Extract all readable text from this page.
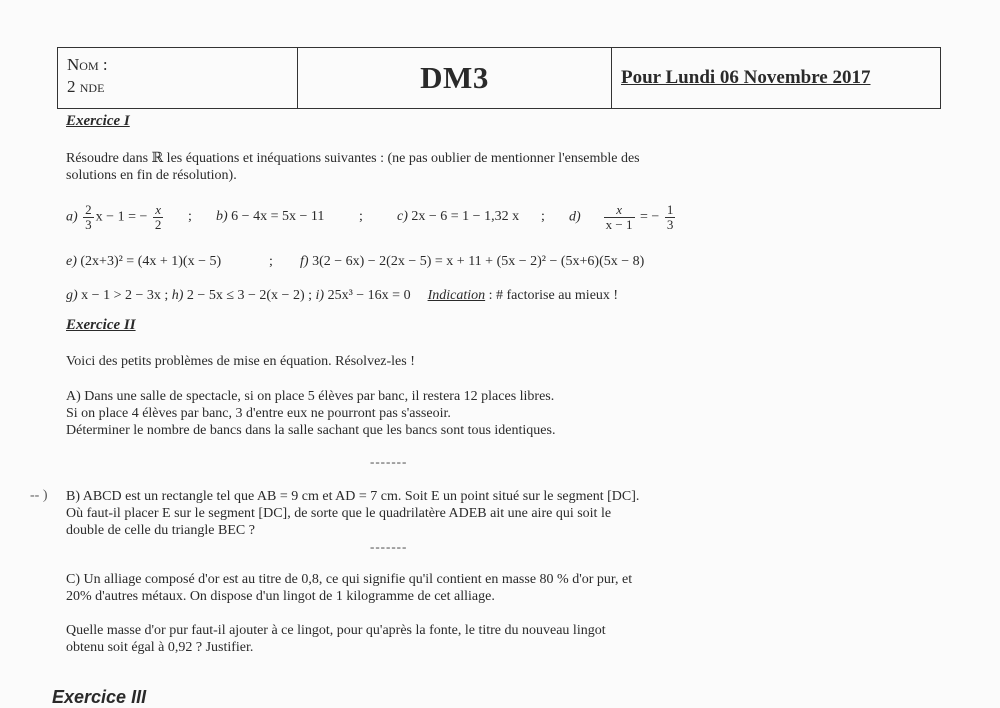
Nom :
2 nde	DM3	Pour Lundi 06 Novembre 2017
Exercice I
Résoudre dans ℝ les équations et inéquations suivantes : (ne pas oublier de mentionner l'ensemble des
solutions en fin de résolution).
$a) \frac{2}{3}$ x − 1 = − $\frac{x}{2}$ ; b) 6 − 4x = 5x − 11 ; c) 2x − 6 = 1 − 1,32 x ; $d) \frac{x}{x - 1}$ = − $\frac{1}{3}$
e) (2x+3)² = (4x + 1)(x − 5)	; f) 3(2 − 6x) − 2(2x − 5) = x + 11 + (5x − 2)² − (5x+6)(5x − 8)
g) x − 1 > 2 − 3x ; h) 2 − 5x ≤ 3 − 2(x − 2) ; i) 25x³ − 16x = 0 Indication : # factorise au mieux !
Exercice II
Voici des petits problèmes de mise en équation. Résolvez-les !
A) Dans une salle de spectacle, si on place 5 élèves par banc, il restera 12 places libres.
Si on place 4 élèves par banc, 3 d'entre eux ne pourront pas s'asseoir.
Déterminer le nombre de bancs dans la salle sachant que les bancs sont tous identiques.
-------
-- ) B) ABCD est un rectangle tel que AB = 9 cm et AD = 7 cm. Soit E un point situé sur le segment [DC].
Où faut-il placer E sur le segment [DC], de sorte que le quadrilatère ADEB ait une aire qui soit le
double de celle du triangle BEC ?
-------
C) Un alliage composé d'or est au titre de 0,8, ce qui signifie qu'il contient en masse 80 % d'or pur, et
20% d'autres métaux. On dispose d'un lingot de 1 kilogramme de cet alliage.
Quelle masse d'or pur faut-il ajouter à ce lingot, pour qu'après la fonte, le titre du nouveau lingot
obtenu soit égal à 0,92 ? Justifier.
Exercice III
